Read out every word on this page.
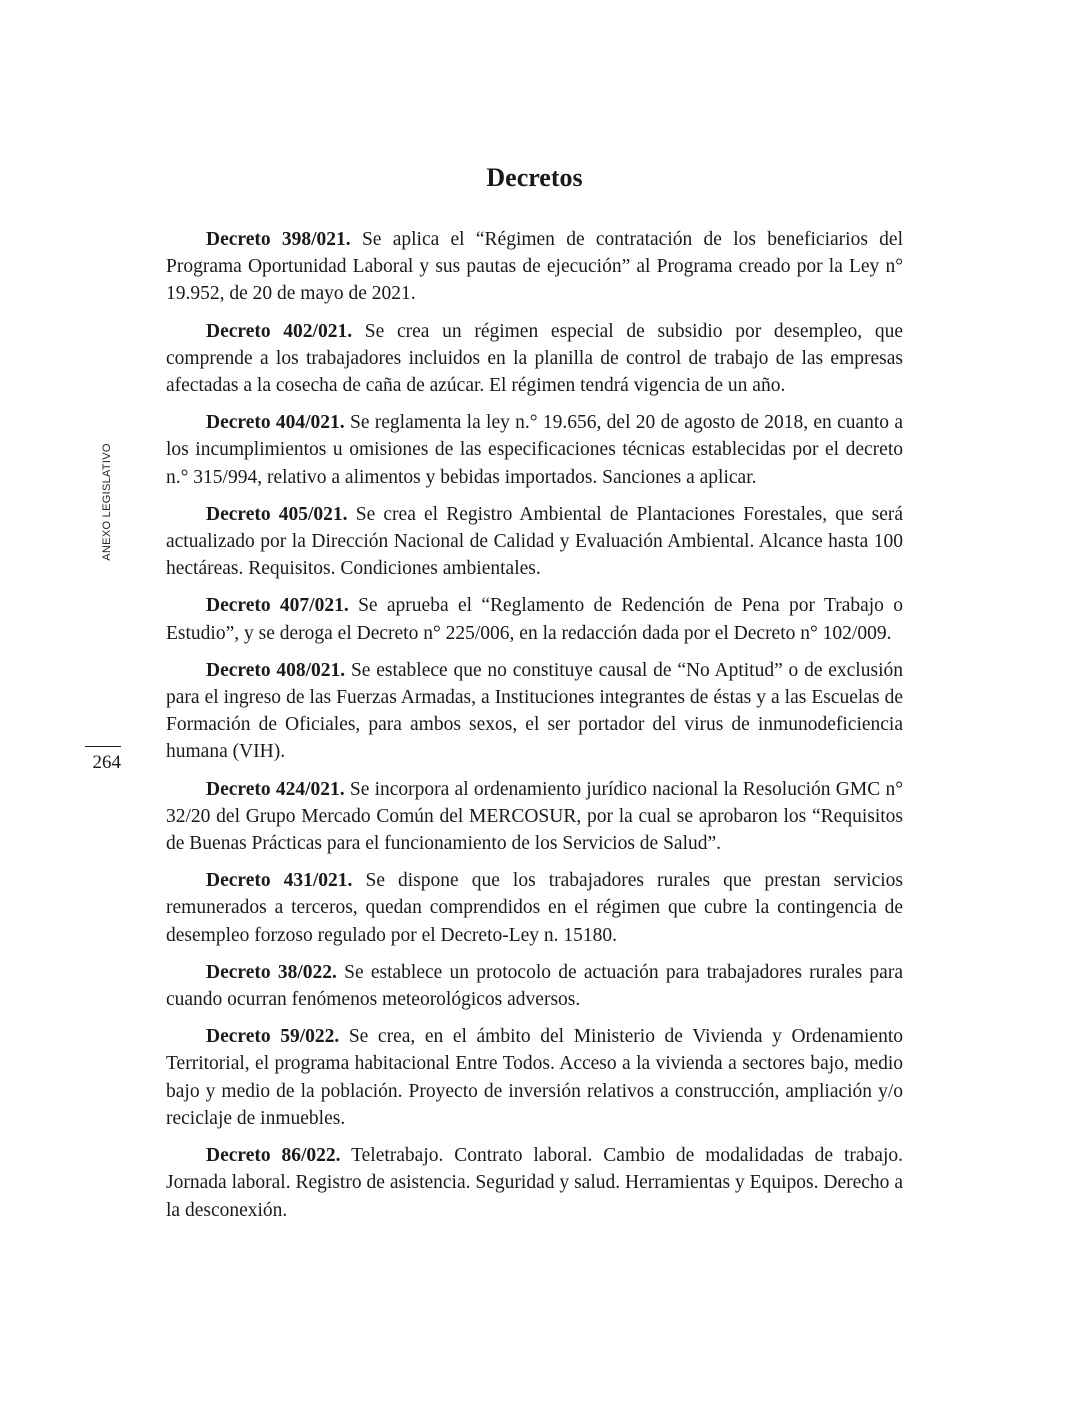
Decretos
ANEXO LEGISLATIVO
264

Decreto 398/021. Se aplica el “Régimen de contratación de los beneficiarios del Programa Oportunidad Laboral y sus pautas de ejecución” al Programa creado por la Ley n° 19.952, de 20 de mayo de 2021.

Decreto 402/021. Se crea un régimen especial de subsidio por desempleo, que comprende a los trabajadores incluidos en la planilla de control de trabajo de las empresas afectadas a la cosecha de caña de azúcar. El régimen tendrá vigencia de un año.

Decreto 404/021. Se reglamenta la ley n.° 19.656, del 20 de agosto de 2018, en cuanto a los incumplimientos u omisiones de las especificaciones técnicas establecidas por el decreto n.° 315/994, relativo a alimentos y bebidas importados. Sanciones a aplicar.

Decreto 405/021. Se crea el Registro Ambiental de Plantaciones Forestales, que será actualizado por la Dirección Nacional de Calidad y Evaluación Ambiental. Alcance hasta 100 hectáreas. Requisitos. Condiciones ambientales.

Decreto 407/021. Se aprueba el “Reglamento de Redención de Pena por Trabajo o Estudio”, y se deroga el Decreto n° 225/006, en la redacción dada por el Decreto n° 102/009.

Decreto 408/021. Se establece que no constituye causal de “No Aptitud” o de exclusión para el ingreso de las Fuerzas Armadas, a Instituciones integrantes de éstas y a las Escuelas de Formación de Oficiales, para ambos sexos, el ser portador del virus de inmunodeficiencia humana (VIH).

Decreto 424/021. Se incorpora al ordenamiento jurídico nacional la Resolución GMC n° 32/20 del Grupo Mercado Común del MERCOSUR, por la cual se aprobaron los “Requisitos de Buenas Prácticas para el funcionamiento de los Servicios de Salud”.

Decreto 431/021. Se dispone que los trabajadores rurales que prestan servicios remunerados a terceros, quedan comprendidos en el régimen que cubre la contingencia de desempleo forzoso regulado por el Decreto-Ley n. 15180.

Decreto 38/022. Se establece un protocolo de actuación para trabajadores rurales para cuando ocurran fenómenos meteorológicos adversos.

Decreto 59/022. Se crea, en el ámbito del Ministerio de Vivienda y Ordenamiento Territorial, el programa habitacional Entre Todos. Acceso a la vivienda a sectores bajo, medio bajo y medio de la población. Proyecto de inversión relativos a construcción, ampliación y/o reciclaje de inmuebles.

Decreto 86/022. Teletrabajo. Contrato laboral. Cambio de modalidadas de trabajo. Jornada laboral. Registro de asistencia. Seguridad y salud. Herramientas y Equipos. Derecho a la desconexión.
